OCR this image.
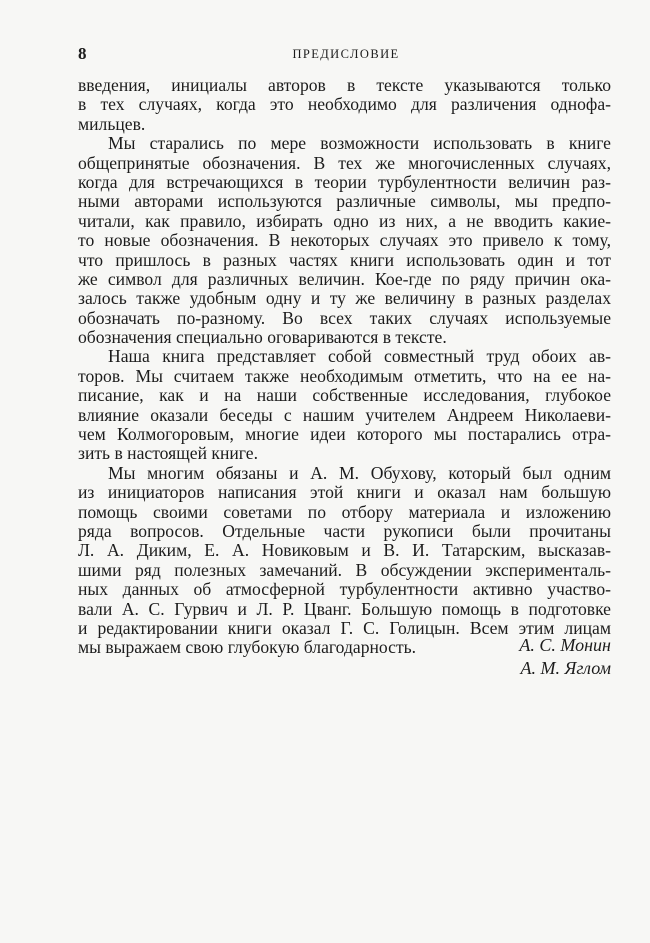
8	ПРЕДИСЛОВИЕ
введения, инициалы авторов в тексте указываются только
в тех случаях, когда это необходимо для различения однофа-
мильцев.
Мы старались по мере возможности использовать в книге
общепринятые обозначения. В тех же многочисленных случаях,
когда для встречающихся в теории турбулентности величин раз-
ными авторами используются различные символы, мы предпо-
читали, как правило, избирать одно из них, а не вводить какие-
то новые обозначения. В некоторых случаях это привело к тому,
что пришлось в разных частях книги использовать один и тот
же символ для различных величин. Кое-где по ряду причин ока-
залось также удобным одну и ту же величину в разных разделах
обозначать по-разному. Во всех таких случаях используемые
обозначения специально оговариваются в тексте.
Наша книга представляет собой совместный труд обоих ав-
торов. Мы считаем также необходимым отметить, что на ее на-
писание, как и на наши собственные исследования, глубокое
влияние оказали беседы с нашим учителем Андреем Николаеви-
чем Колмогоровым, многие идеи которого мы постарались отра-
зить в настоящей книге.
Мы многим обязаны и А. М. Обухову, который был одним
из инициаторов написания этой книги и оказал нам большую
помощь своими советами по отбору материала и изложению
ряда вопросов. Отдельные части рукописи были прочитаны
Л. А. Диким, Е. А. Новиковым и В. И. Татарским, высказав-
шими ряд полезных замечаний. В обсуждении эксперименталь-
ных данных об атмосферной турбулентности активно участво-
вали А. С. Гурвич и Л. Р. Цванг. Большую помощь в подготовке
и редактировании книги оказал Г. С. Голицын. Всем этим лицам
мы выражаем свою глубокую благодарность.	А. С. Монин
А. М. Яглом
